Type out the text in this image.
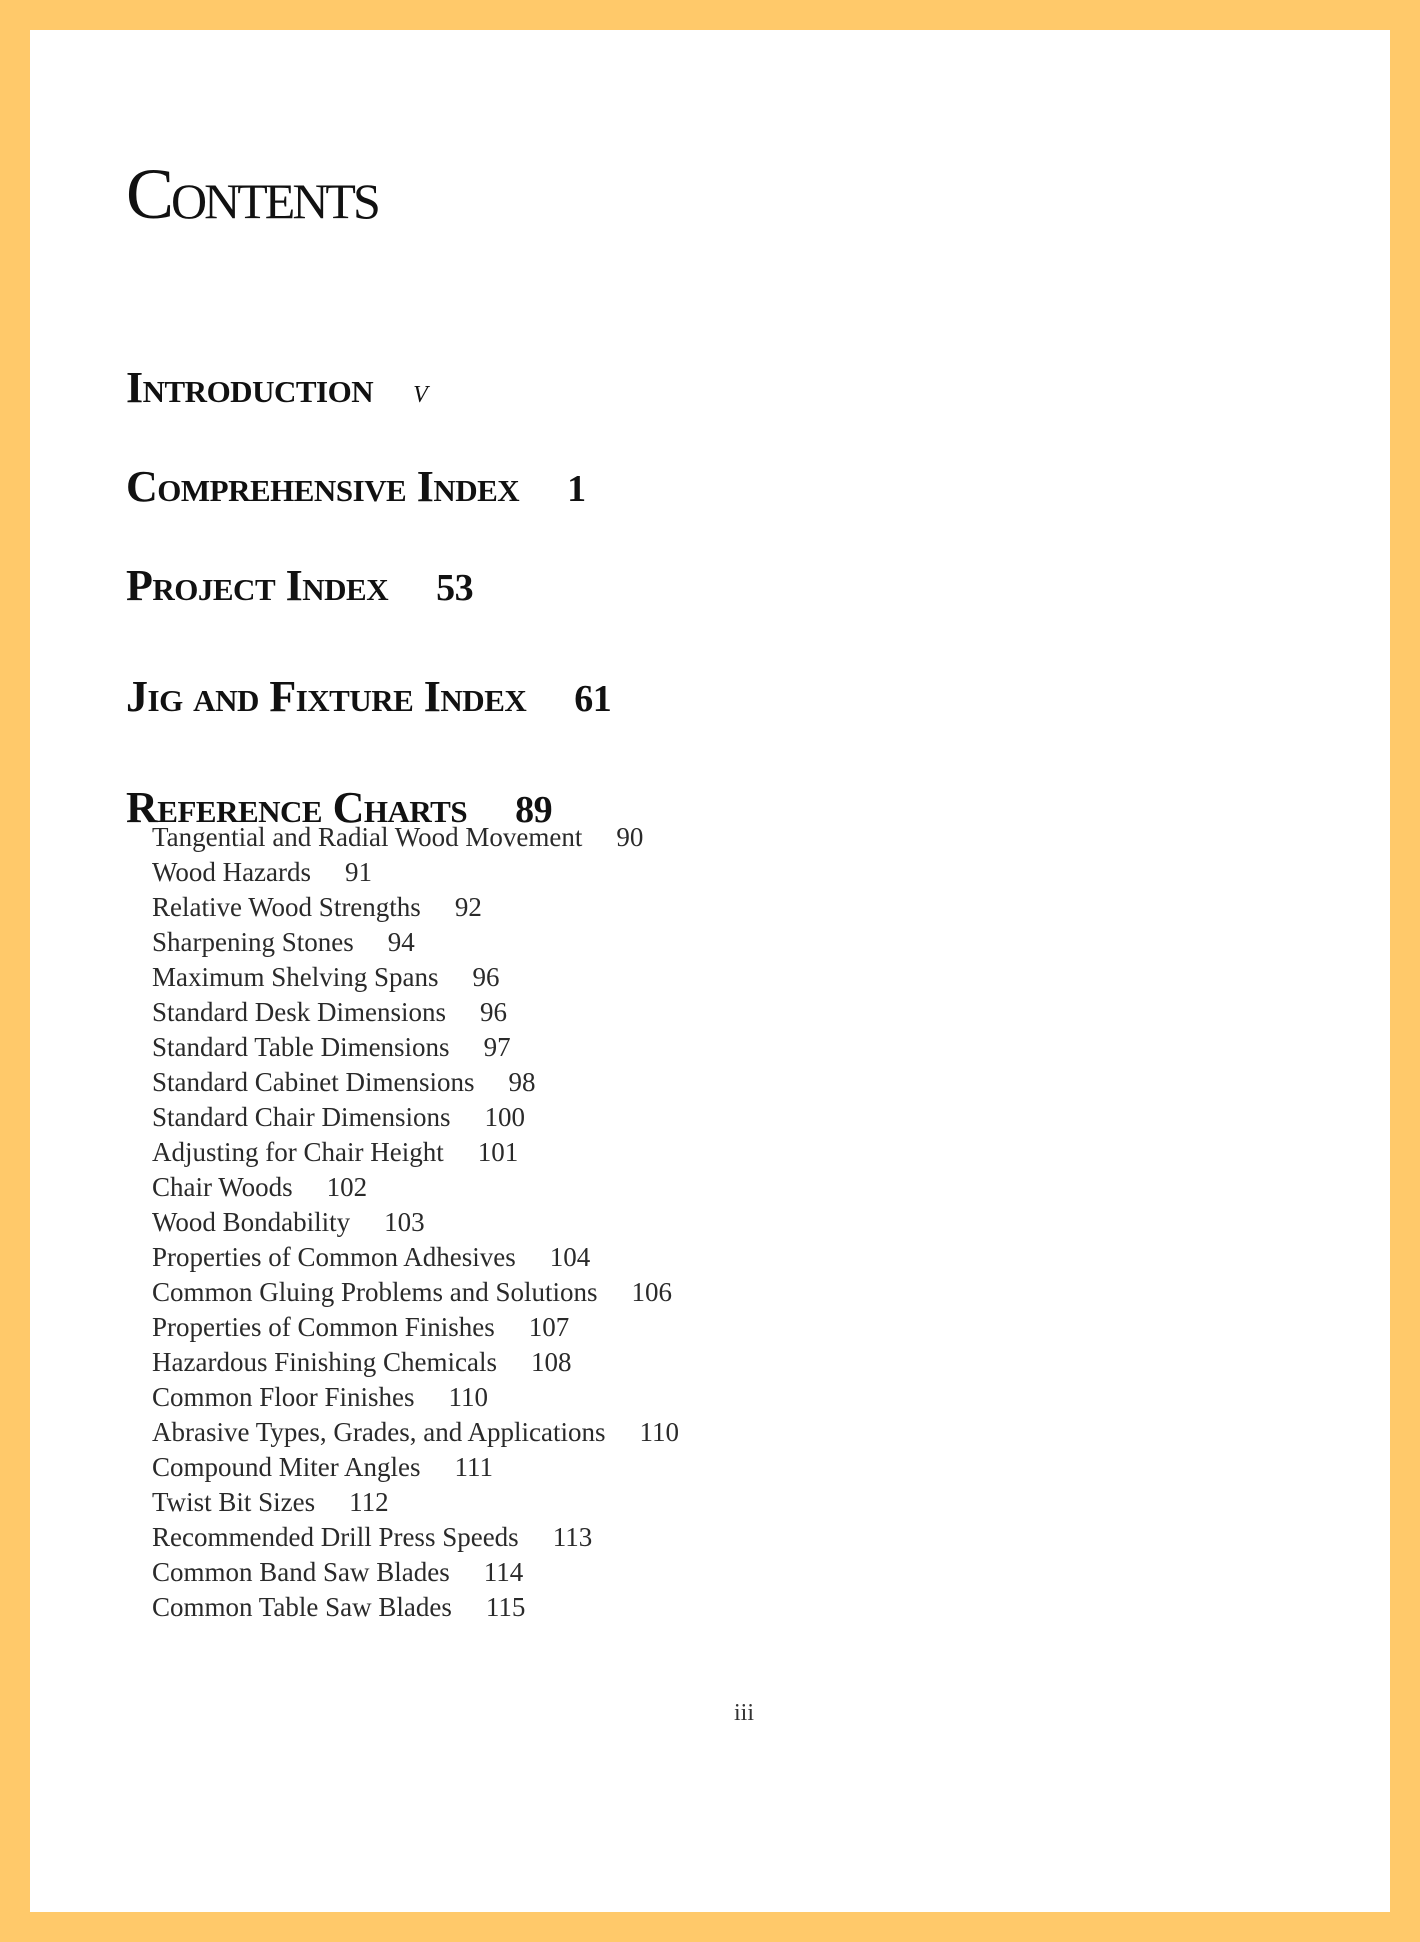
Contents
Introduction v
Comprehensive Index 1
Project Index 53
Jig and Fixture Index 61
Reference Charts 89
Tangential and Radial Wood Movement 90
Wood Hazards 91
Relative Wood Strengths 92
Sharpening Stones 94
Maximum Shelving Spans 96
Standard Desk Dimensions 96
Standard Table Dimensions 97
Standard Cabinet Dimensions 98
Standard Chair Dimensions 100
Adjusting for Chair Height 101
Chair Woods 102
Wood Bondability 103
Properties of Common Adhesives 104
Common Gluing Problems and Solutions 106
Properties of Common Finishes 107
Hazardous Finishing Chemicals 108
Common Floor Finishes 110
Abrasive Types, Grades, and Applications 110
Compound Miter Angles 111
Twist Bit Sizes 112
Recommended Drill Press Speeds 113
Common Band Saw Blades 114
Common Table Saw Blades 115
iii
